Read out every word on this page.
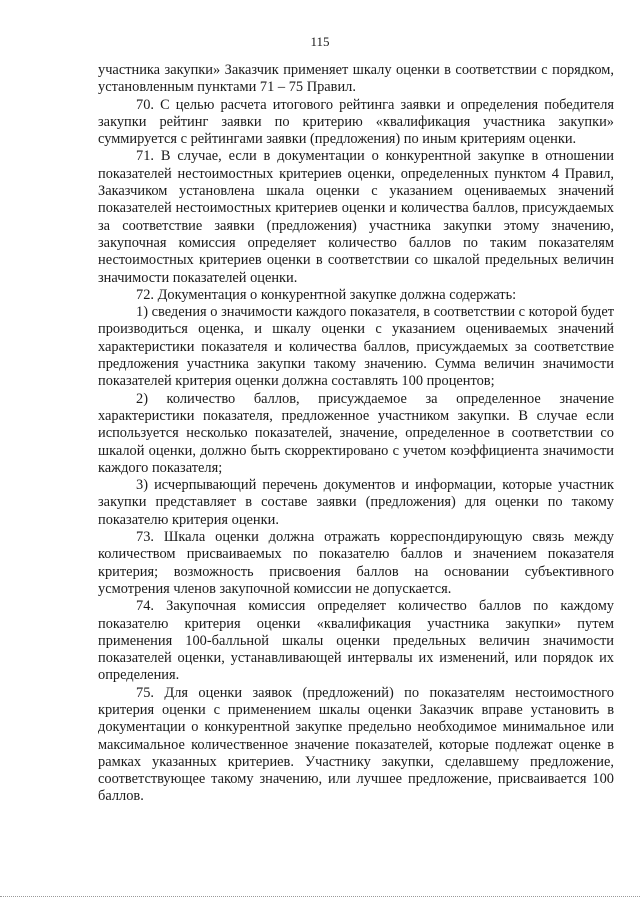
115

участника закупки» Заказчик применяет шкалу оценки в соответствии с порядком, установленным пунктами 71 – 75 Правил.

70. С целью расчета итогового рейтинга заявки и определения победителя закупки рейтинг заявки по критерию «квалификация участника закупки» суммируется с рейтингами заявки (предложения) по иным критериям оценки.

71. В случае, если в документации о конкурентной закупке в отношении показателей нестоимостных критериев оценки, определенных пунктом 4 Правил, Заказчиком установлена шкала оценки с указанием оцениваемых значений показателей нестоимостных критериев оценки и количества баллов, присуждаемых за соответствие заявки (предложения) участника закупки этому значению, закупочная комиссия определяет количество баллов по таким показателям нестоимостных критериев оценки в соответствии со шкалой предельных величин значимости показателей оценки.

72. Документация о конкурентной закупке должна содержать:

1) сведения о значимости каждого показателя, в соответствии с которой будет производиться оценка, и шкалу оценки с указанием оцениваемых значений характеристики показателя и количества баллов, присуждаемых за соответствие предложения участника закупки такому значению. Сумма величин значимости показателей критерия оценки должна составлять 100 процентов;

2) количество баллов, присуждаемое за определенное значение характеристики показателя, предложенное участником закупки. В случае если используется несколько показателей, значение, определенное в соответствии со шкалой оценки, должно быть скорректировано с учетом коэффициента значимости каждого показателя;

3) исчерпывающий перечень документов и информации, которые участник закупки представляет в составе заявки (предложения) для оценки по такому показателю критерия оценки.

73. Шкала оценки должна отражать корреспондирующую связь между количеством присваиваемых по показателю баллов и значением показателя критерия; возможность присвоения баллов на основании субъективного усмотрения членов закупочной комиссии не допускается.

74. Закупочная комиссия определяет количество баллов по каждому показателю критерия оценки «квалификация участника закупки» путем применения 100-балльной шкалы оценки предельных величин значимости показателей оценки, устанавливающей интервалы их изменений, или порядок их определения.

75. Для оценки заявок (предложений) по показателям нестоимостного критерия оценки с применением шкалы оценки Заказчик вправе установить в документации о конкурентной закупке предельно необходимое минимальное или максимальное количественное значение показателей, которые подлежат оценке в рамках указанных критериев. Участнику закупки, сделавшему предложение, соответствующее такому значению, или лучшее предложение, присваивается 100 баллов.
